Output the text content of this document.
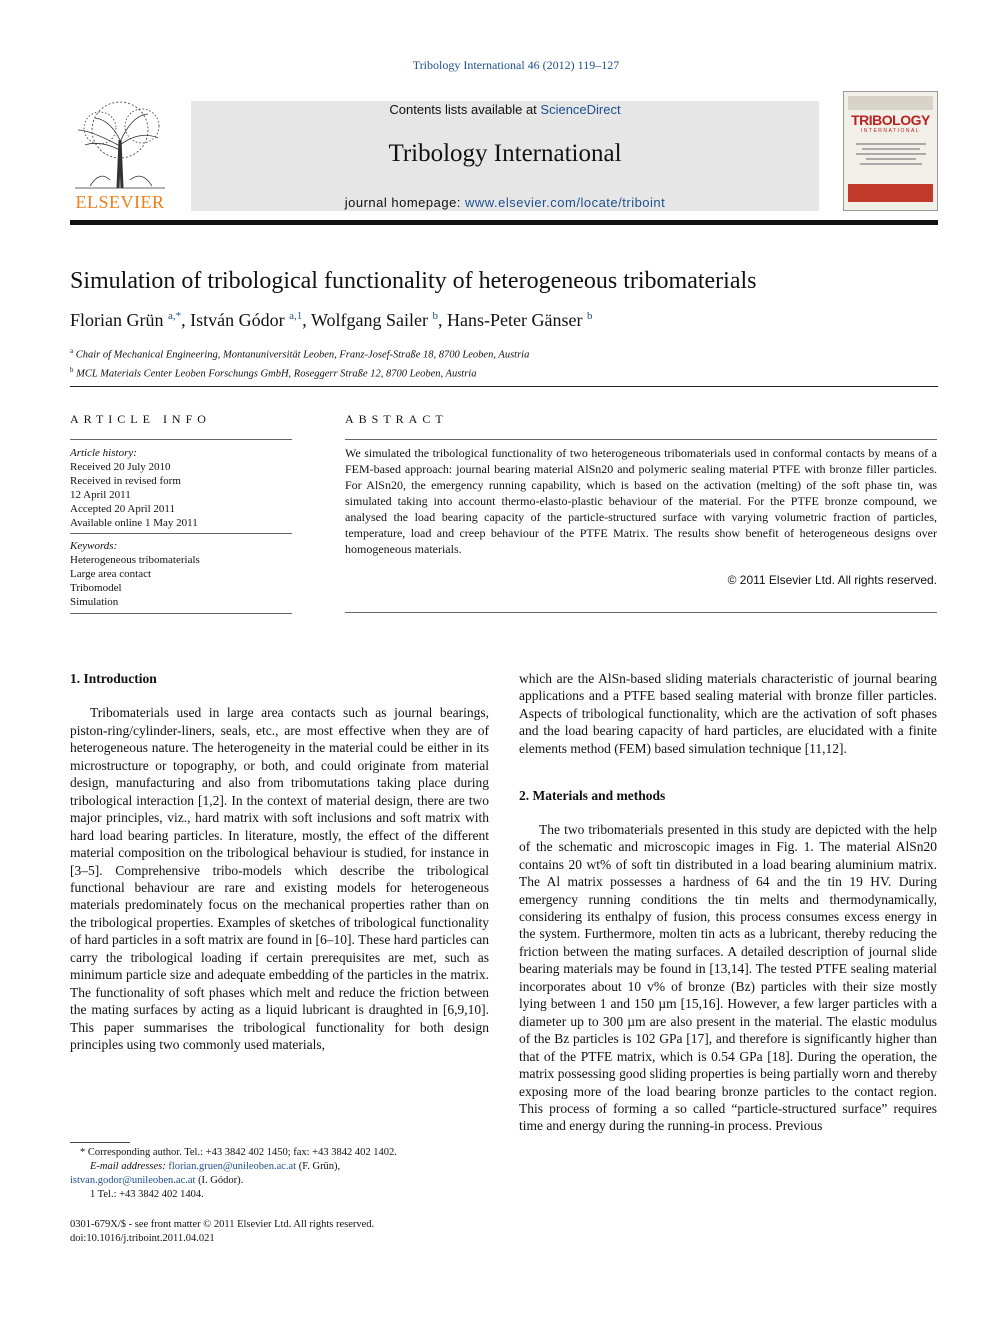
Tribology International 46 (2012) 119–127
ELSEVIER
Contents lists available at ScienceDirect
Tribology International
journal homepage: www.elsevier.com/locate/triboint
TRIBOLOGY
INTERNATIONAL
Simulation of tribological functionality of heterogeneous tribomaterials
Florian Grün $^{a,*}$, István Gódor $^{a,1}$, Wolfgang Sailer $^b$, Hans-Peter Gänser $^b$
$^a$ Chair of Mechanical Engineering, Montanuniversität Leoben, Franz-Josef-Straße 18, 8700 Leoben, Austria
$^b$ MCL Materials Center Leoben Forschungs GmbH, Roseggerr Straße 12, 8700 Leoben, Austria
ARTICLE INFO
Article history:
Received 20 July 2010
Received in revised form
12 April 2011
Accepted 20 April 2011
Available online 1 May 2011
Keywords:
Heterogeneous tribomaterials
Large area contact
Tribomodel
Simulation
ABSTRACT
We simulated the tribological functionality of two heterogeneous tribomaterials used in conformal contacts by means of a FEM-based approach: journal bearing material AlSn20 and polymeric sealing material PTFE with bronze filler particles. For AlSn20, the emergency running capability, which is based on the activation (melting) of the soft phase tin, was simulated taking into account thermo-elasto-plastic behaviour of the material. For the PTFE bronze compound, we analysed the load bearing capacity of the particle-structured surface with varying volumetric fraction of particles, temperature, load and creep behaviour of the PTFE Matrix. The results show benefit of heterogeneous designs over homogeneous materials.
© 2011 Elsevier Ltd. All rights reserved.
1. Introduction
Tribomaterials used in large area contacts such as journal bearings, piston-ring/cylinder-liners, seals, etc., are most effective when they are of heterogeneous nature. The heterogeneity in the material could be either in its microstructure or topography, or both, and could originate from material design, manufacturing and also from tribomutations taking place during tribological interaction [1,2]. In the context of material design, there are two major principles, viz., hard matrix with soft inclusions and soft matrix with hard load bearing particles. In literature, mostly, the effect of the different material composition on the tribological behaviour is studied, for instance in [3–5]. Comprehensive tribo-models which describe the tribological functional behaviour are rare and existing models for heterogeneous materials predominately focus on the mechanical properties rather than on the tribological properties. Examples of sketches of tribological functionality of hard particles in a soft matrix are found in [6–10]. These hard particles can carry the tribological loading if certain prerequisites are met, such as minimum particle size and adequate embedding of the particles in the matrix. The functionality of soft phases which melt and reduce the friction between the mating surfaces by acting as a liquid lubricant is draughted in [6,9,10]. This paper summarises the tribological functionality for both design principles using two commonly used materials,
which are the AlSn-based sliding materials characteristic of journal bearing applications and a PTFE based sealing material with bronze filler particles. Aspects of tribological functionality, which are the activation of soft phases and the load bearing capacity of hard particles, are elucidated with a finite elements method (FEM) based simulation technique [11,12].
2. Materials and methods
The two tribomaterials presented in this study are depicted with the help of the schematic and microscopic images in Fig. 1. The material AlSn20 contains 20 wt% of soft tin distributed in a load bearing aluminium matrix. The Al matrix possesses a hardness of 64 and the tin 19 HV. During emergency running conditions the tin melts and thermodynamically, considering its enthalpy of fusion, this process consumes excess energy in the system. Furthermore, molten tin acts as a lubricant, thereby reducing the friction between the mating surfaces. A detailed description of journal slide bearing materials may be found in [13,14]. The tested PTFE sealing material incorporates about 10 v% of bronze (Bz) particles with their size mostly lying between 1 and 150 µm [15,16]. However, a few larger particles with a diameter up to 300 µm are also present in the material. The elastic modulus of the Bz particles is 102 GPa [17], and therefore is significantly higher than that of the PTFE matrix, which is 0.54 GPa [18]. During the operation, the matrix possessing good sliding properties is being partially worn and thereby exposing more of the load bearing bronze particles to the contact region. This process of forming a so called “particle-structured surface” requires time and energy during the running-in process. Previous
* Corresponding author. Tel.: +43 3842 402 1450; fax: +43 3842 402 1402.
E-mail addresses: florian.gruen@unileoben.ac.at (F. Grün),
istvan.godor@unileoben.ac.at (I. Gódor).
1 Tel.: +43 3842 402 1404.
0301-679X/$ - see front matter © 2011 Elsevier Ltd. All rights reserved.
doi:10.1016/j.triboint.2011.04.021
